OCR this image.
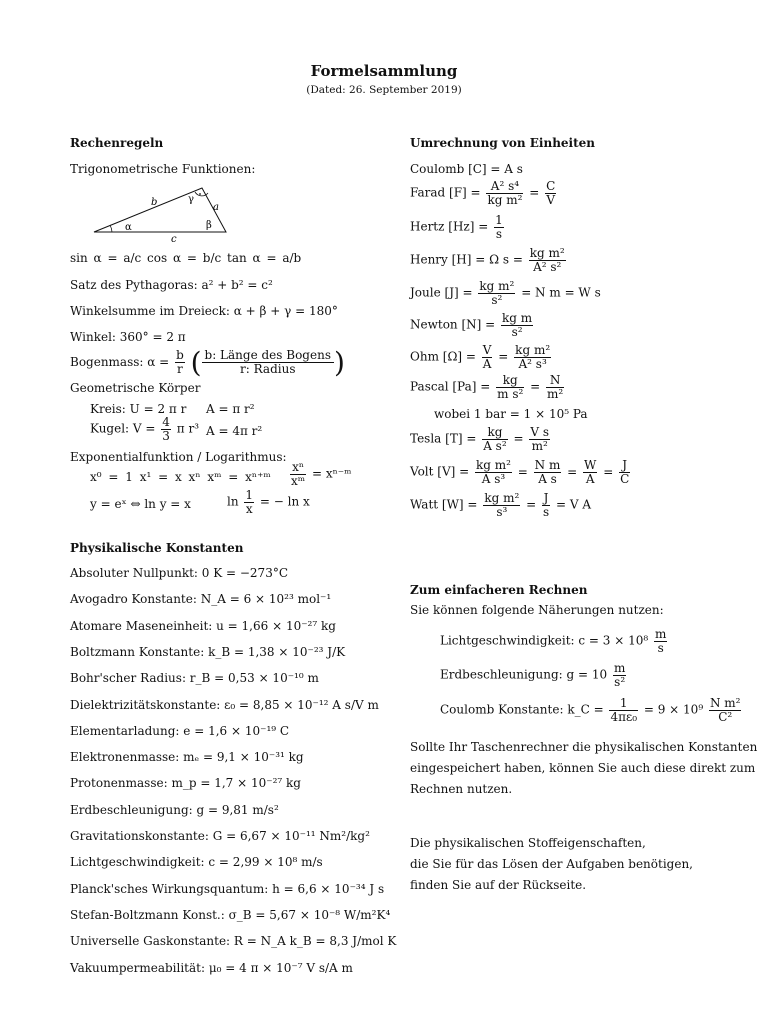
Formelsammlung
(Dated: 26. September 2019)
Rechenregeln
Trigonometrische Funktionen:
b	a
c
α	β
γ
sin α = a/c cos α = b/c tan α = a/b
Satz des Pythagoras: a² + b² = c²
Winkelsumme im Dreieck: α + β + γ = 180°
Winkel: 360° = 2 π
Bogenmass: $\alpha = \frac{b}{r}$ ( b: Länge des Bogens
r: Radius	)
Geometrische Körper
Kreis: U = 2 π r A = π r²
Kugel: $V = \frac{4}{3}$ π r³ A = 4π r²
Exponentialfunktion / Logarithmus:
x⁰ = 1 x¹ = x xⁿ xᵐ = xⁿ⁺ᵐ $\frac{\text{xⁿ}}{\text{xᵐ}}$ = xⁿ⁻ᵐ
y = eˣ ⇔ ln y = x	$\ln \frac{1}{x}$ = − ln x
Physikalische Konstanten
Absoluter Nullpunkt: 0 K = −273°C
Avogadro Konstante: N_A = 6 × 10²³ mol⁻¹
Atomare Maseneinheit: u = 1,66 × 10⁻²⁷ kg
Boltzmann Konstante: k_B = 1,38 × 10⁻²³ J/K
Bohr'scher Radius: r_B = 0,53 × 10⁻¹⁰ m
Dielektrizitätskonstante: ε₀ = 8,85 × 10⁻¹² A s/V m
Elementarladung: e = 1,6 × 10⁻¹⁹ C
Elektronenmasse: mₑ = 9,1 × 10⁻³¹ kg
Protonenmasse: m_p = 1,7 × 10⁻²⁷ kg
Erdbeschleunigung: g = 9,81 m/s²
Gravitationskonstante: G = 6,67 × 10⁻¹¹ Nm²/kg²
Lichtgeschwindigkeit: c = 2,99 × 10⁸ m/s
Planck'sches Wirkungsquantum: h = 6,6 × 10⁻³⁴ J s
Stefan-Boltzmann Konst.: σ_B = 5,67 × 10⁻⁸ W/m²K⁴
Universelle Gaskonstante: R = N_A k_B = 8,3 J/mol K
Vakuumpermeabilität: μ₀ = 4 π × 10⁻⁷ V s/A m
Umrechnung von Einheiten
Coulomb [C] = A s
Farad $[F] = \frac{\text{A² s⁴}}{\text{kg m²}} = \frac{C}{V}$
Hertz $[Hz] = \frac{1}{s}$
Henry [H] = Ω $s = \frac{\text{kg m²}}{\text{A² s²}}$
Joule $[J] = \frac{\text{kg m²}}{\text{s²}} = N$ m = W s
Newton $[N] = \frac{\text{kg m}}{\text{s²}}$
Ohm $[\Omega] = \frac{V}{A} = \frac{\text{kg m²}}{\text{A² s³}}$
Pascal $[Pa] = \frac{kg}{\text{m s²}} = \frac{N}{\text{m²}}$
wobei 1 bar = 1 × 10⁵ Pa
Tesla $[T] = \frac{kg}{\text{A s²}} = \frac{\text{V s}}{\text{m²}}$
Volt $[V] = \frac{\text{kg m²}}{\text{A s³}} = \frac{\text{N m}}{\text{A s}} = \frac{W}{A} = \frac{J}{C}$
Watt $[W] = \frac{\text{kg m²}}{\text{s³}} = \frac{J}{s} = V$ A
Zum einfacheren Rechnen
Sie können folgende Näherungen nutzen:
Lichtgeschwindigkeit: $c = 3 \times 10^8 \frac{m}{s}$
Erdbeschleunigung: $g = 10 \frac{m}{\text{s²}}$
Coulomb Konstante: k_C = $\frac{1}{\text{4πε₀}} = 9 \times 10^9 \frac{\text{N m²}}{\text{C²}}$
Sollte Ihr Taschenrechner die physikalischen Konstanten
eingespeichert haben, können Sie auch diese direkt zum
Rechnen nutzen.
Die physikalischen Stoffeigenschaften,
die Sie für das Lösen der Aufgaben benötigen,
finden Sie auf der Rückseite.
